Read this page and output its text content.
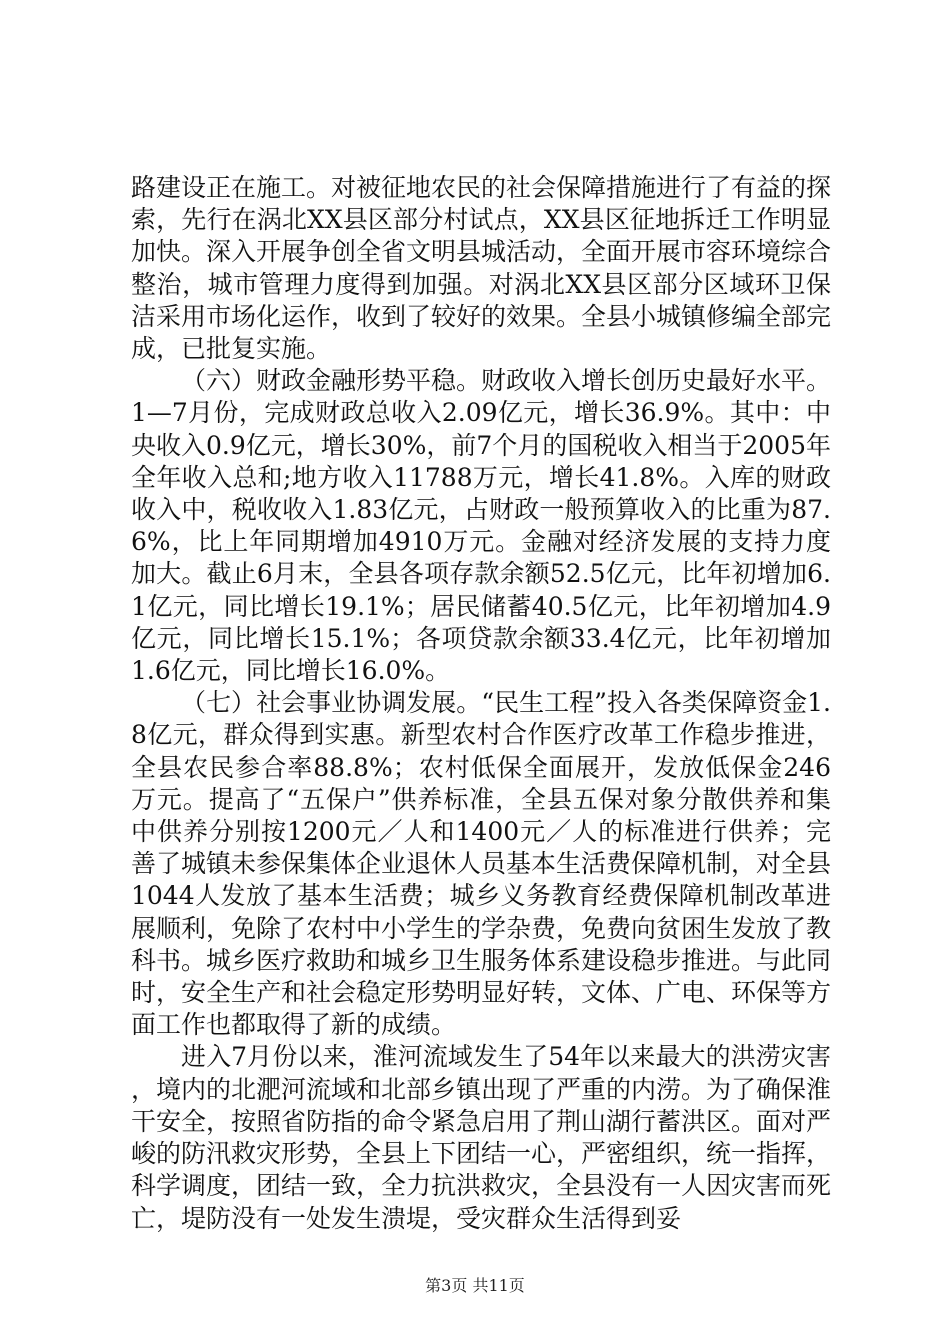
路建设正在施工。对被征地农民的社会保障措施进行了有益的探索，先行在涡北XX县区部分村试点，XX县区征地拆迁工作明显加快。深入开展争创全省文明县城活动，全面开展市容环境综合整治，城市管理力度得到加强。对涡北XX县区部分区域环卫保洁采用市场化运作，收到了较好的效果。全县小城镇修编全部完成，已批复实施。

（六）财政金融形势平稳。财政收入增长创历史最好水平。1—7月份，完成财政总收入2.09亿元，增长36.9%。其中：中央收入0.9亿元，增长30%，前7个月的国税收入相当于2005年全年收入总和;地方收入11788万元，增长41.8%。入库的财政收入中，税收收入1.83亿元，占财政一般预算收入的比重为87.6%，比上年同期增加4910万元。金融对经济发展的支持力度加大。截止6月末，全县各项存款余额52.5亿元，比年初增加6.1亿元，同比增长19.1%；居民储蓄40.5亿元，比年初增加4.9亿元，同比增长15.1%；各项贷款余额33.4亿元，比年初增加1.6亿元，同比增长16.0%。

（七）社会事业协调发展。“民生工程”投入各类保障资金1.8亿元，群众得到实惠。新型农村合作医疗改革工作稳步推进，全县农民参合率88.8%；农村低保全面展开，发放低保金246万元。提高了“五保户”供养标准，全县五保对象分散供养和集中供养分别按1200元／人和1400元／人的标准进行供养；完善了城镇未参保集体企业退休人员基本生活费保障机制，对全县1044人发放了基本生活费；城乡义务教育经费保障机制改革进展顺利，免除了农村中小学生的学杂费，免费向贫困生发放了教科书。城乡医疗救助和城乡卫生服务体系建设稳步推进。与此同时，安全生产和社会稳定形势明显好转，文体、广电、环保等方面工作也都取得了新的成绩。

进入7月份以来，淮河流域发生了54年以来最大的洪涝灾害，境内的北淝河流域和北部乡镇出现了严重的内涝。为了确保淮干安全，按照省防指的命令紧急启用了荆山湖行蓄洪区。面对严峻的防汛救灾形势，全县上下团结一心，严密组织，统一指挥，科学调度，团结一致，全力抗洪救灾，全县没有一人因灾害而死亡，堤防没有一处发生溃堤，受灾群众生活得到妥

第3页 共11页
